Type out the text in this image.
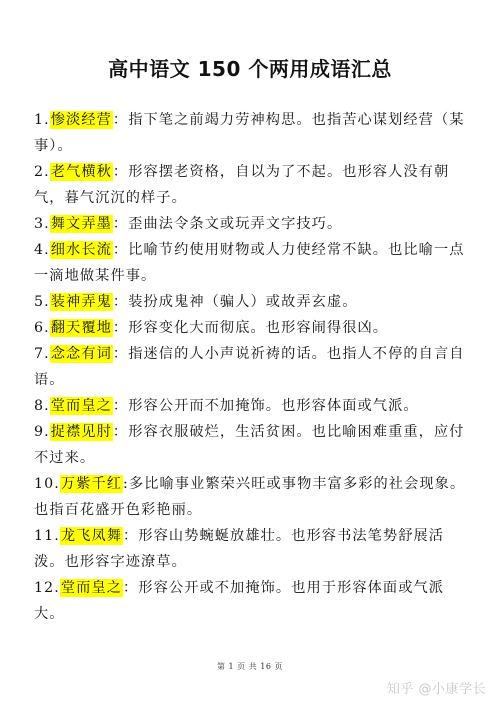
高中语文 150 个两用成语汇总
1.惨淡经营：指下笔之前竭力劳神构思。也指苦心谋划经营（某事）。
2.老气横秋：形容摆老资格，自以为了不起。也形容人没有朝气，暮气沉沉的样子。
3.舞文弄墨：歪曲法令条文或玩弄文字技巧。
4.细水长流：比喻节约使用财物或人力使经常不缺。也比喻一点一滴地做某件事。
5.装神弄鬼：装扮成鬼神（骗人）或故弄玄虚。
6.翻天覆地：形容变化大而彻底。也形容闹得很凶。
7.念念有词：指迷信的人小声说祈祷的话。也指人不停的自言自语。
8.堂而皇之：形容公开而不加掩饰。也形容体面或气派。
9.捉襟见肘：形容衣服破烂，生活贫困。也比喻困难重重，应付不过来。
10.万紫千红:多比喻事业繁荣兴旺或事物丰富多彩的社会现象。也指百花盛开色彩艳丽。
11.龙飞凤舞：形容山势蜿蜒放雄壮。也形容书法笔势舒展活泼。也形容字迹潦草。
12.堂而皇之：形容公开或不加掩饰。也用于形容体面或气派大。
第 1 页 共 16 页
知乎 @小康学长
